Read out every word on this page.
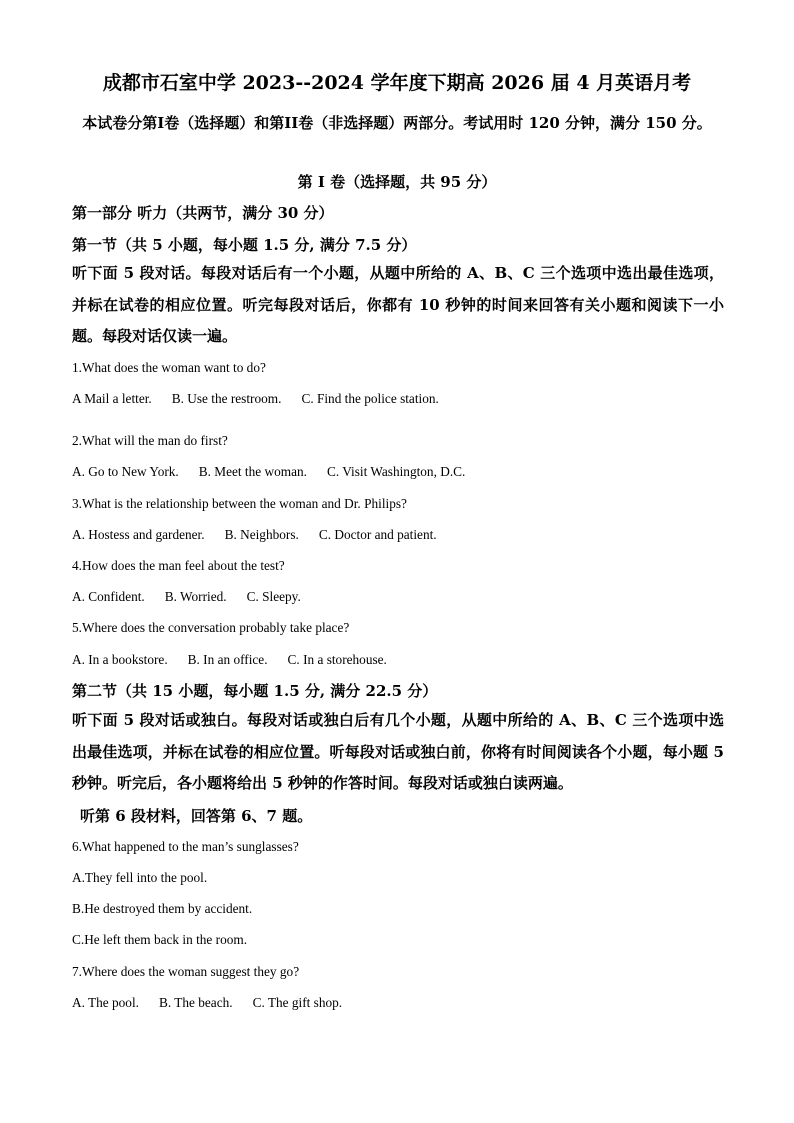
成都市石室中学 2023--2024 学年度下期高 2026 届 4 月英语月考
本试卷分第I卷（选择题）和第II卷（非选择题）两部分。考试用时 120 分钟，满分 150 分。
第 I 卷（选择题，共 95 分）
第一部分 听力（共两节，满分 30 分）
第一节（共 5 小题，每小题 1.5 分, 满分 7.5 分）
听下面 5 段对话。每段对话后有一个小题，从题中所给的 A、B、C 三个选项中选出最佳选项，并标在试卷的相应位置。听完每段对话后，你都有 10 秒钟的时间来回答有关小题和阅读下一小题。每段对话仅读一遍。
1.What does the woman want to do?
A Mail a letter. B. Use the restroom. C. Find the police station.
2.What will the man do first?
A. Go to New York. B. Meet the woman. C. Visit Washington, D.C.
3.What is the relationship between the woman and Dr. Philips?
A. Hostess and gardener. B. Neighbors. C. Doctor and patient.
4.How does the man feel about the test?
A. Confident. B. Worried. C. Sleepy.
5.Where does the conversation probably take place?
A. In a bookstore. B. In an office. C. In a storehouse.
第二节（共 15 小题，每小题 1.5 分, 满分 22.5 分）
听下面 5 段对话或独白。每段对话或独白后有几个小题，从题中所给的 A、B、C 三个选项中选出最佳选项，并标在试卷的相应位置。听每段对话或独白前，你将有时间阅读各个小题，每小题 5 秒钟。听完后，各小题将给出 5 秒钟的作答时间。每段对话或独白读两遍。
听第 6 段材料，回答第 6、7 题。
6.What happened to the man’s sunglasses?
A.They fell into the pool.
B.He destroyed them by accident.
C.He left them back in the room.
7.Where does the woman suggest they go?
A. The pool. B. The beach. C. The gift shop.
